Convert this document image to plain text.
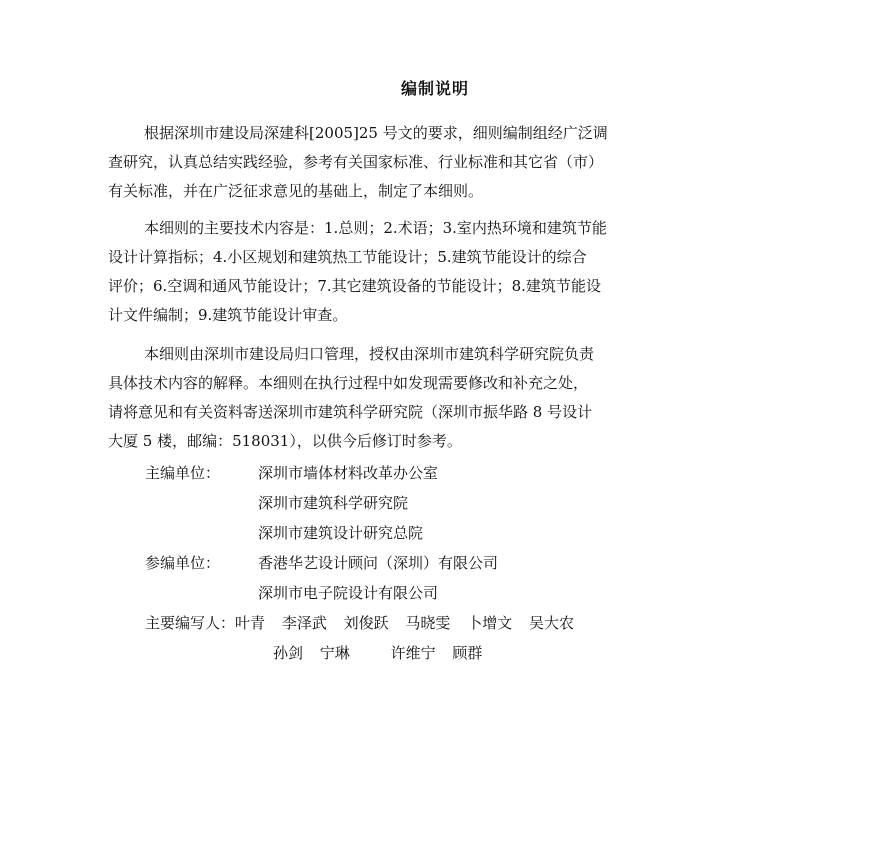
编制说明
根据深圳市建设局深建科[2005]25 号文的要求，细则编制组经广泛调
查研究，认真总结实践经验，参考有关国家标准、行业标准和其它省（市）
有关标准，并在广泛征求意见的基础上，制定了本细则。
本细则的主要技术内容是：1.总则；2.术语；3.室内热环境和建筑节能
设计计算指标；4.小区规划和建筑热工节能设计；5.建筑节能设计的综合
评价；6.空调和通风节能设计；7.其它建筑设备的节能设计；8.建筑节能设
计文件编制；9.建筑节能设计审查。
本细则由深圳市建设局归口管理，授权由深圳市建筑科学研究院负责
具体技术内容的解释。本细则在执行过程中如发现需要修改和补充之处，
请将意见和有关资料寄送深圳市建筑科学研究院（深圳市振华路 8 号设计
大厦 5 楼，邮编：518031），以供今后修订时参考。
主编单位：	深圳市墙体材料改革办公室
深圳市建筑科学研究院
深圳市建筑设计研究总院
参编单位：	香港华艺设计顾问（深圳）有限公司
深圳市电子院设计有限公司
主要编写人：叶青 李泽武 刘俊跃 马晓雯 卜增文 吴大农
孙剑 宁琳	许维宁 顾群
